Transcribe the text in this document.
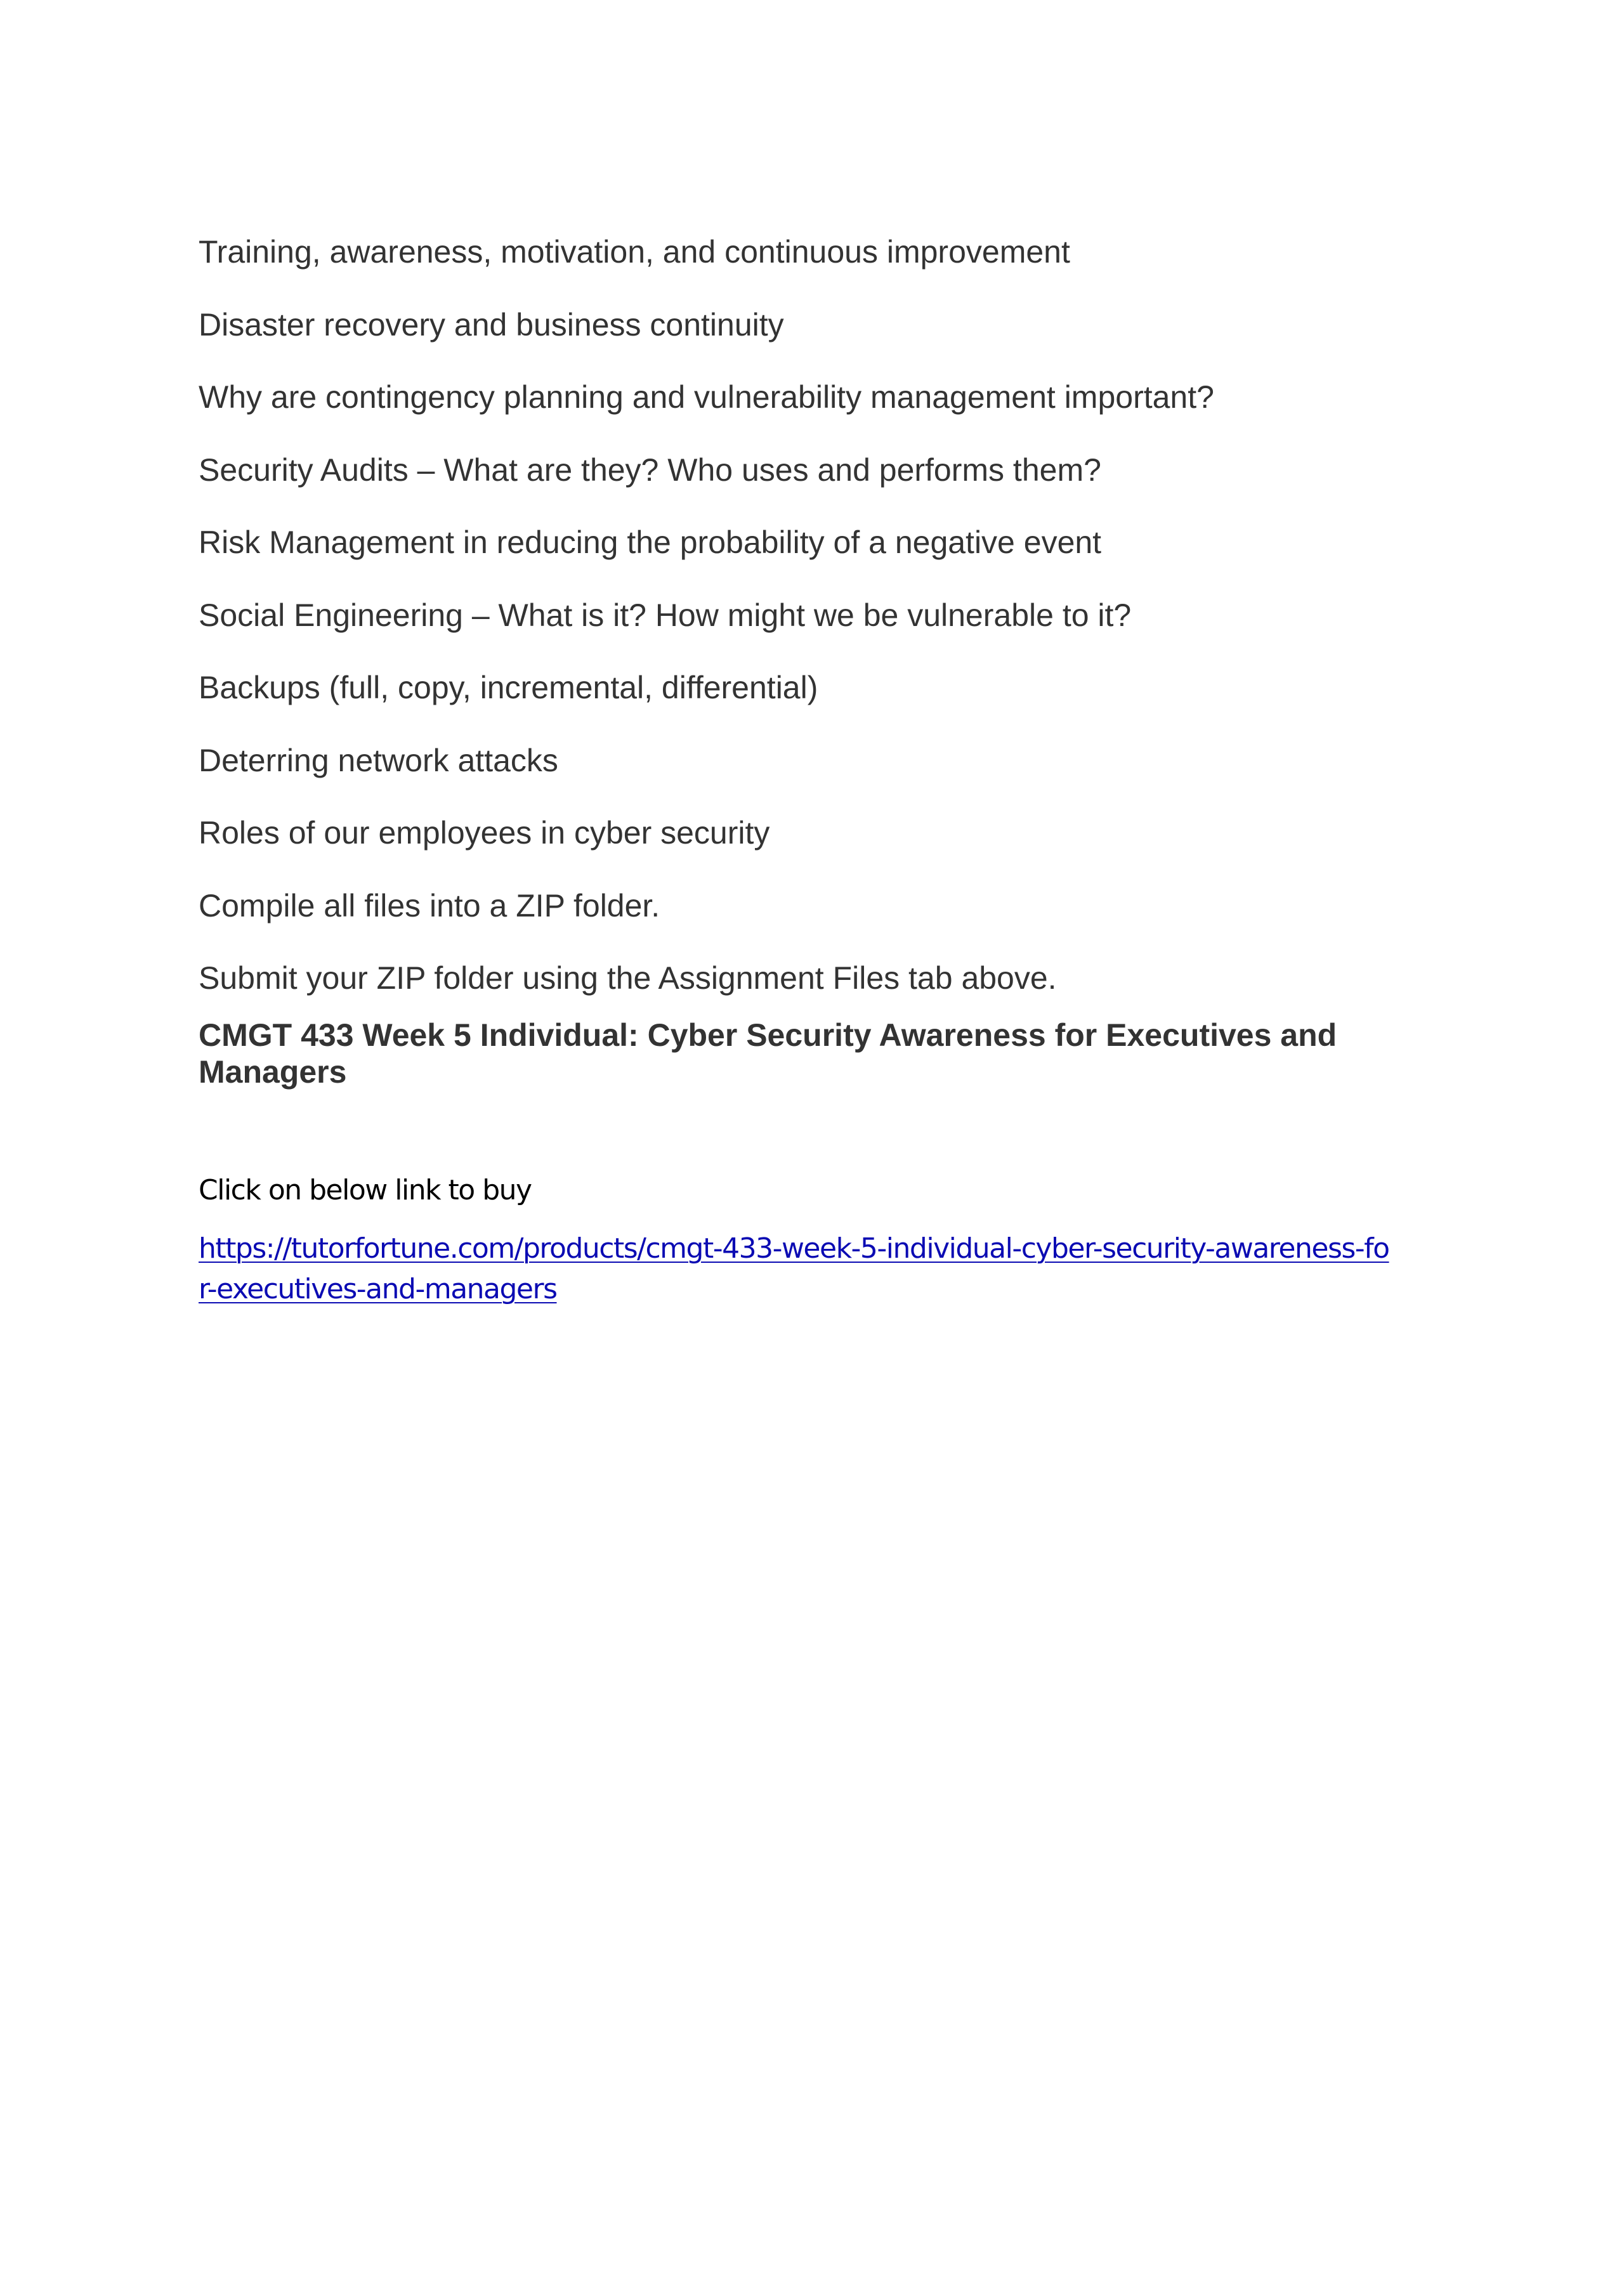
Training, awareness, motivation, and continuous improvement

Disaster recovery and business continuity

Why are contingency planning and vulnerability management important?

Security Audits – What are they? Who uses and performs them?

Risk Management in reducing the probability of a negative event

Social Engineering – What is it? How might we be vulnerable to it?

Backups (full, copy, incremental, differential)

Deterring network attacks

Roles of our employees in cyber security

Compile all files into a ZIP folder.

Submit your ZIP folder using the Assignment Files tab above.

CMGT 433 Week 5 Individual: Cyber Security Awareness for Executives and Managers

Click on below link to buy

https://tutorfortune.com/products/cmgt-433-week-5-individual-cyber-security-awareness-for-executives-and-managers
